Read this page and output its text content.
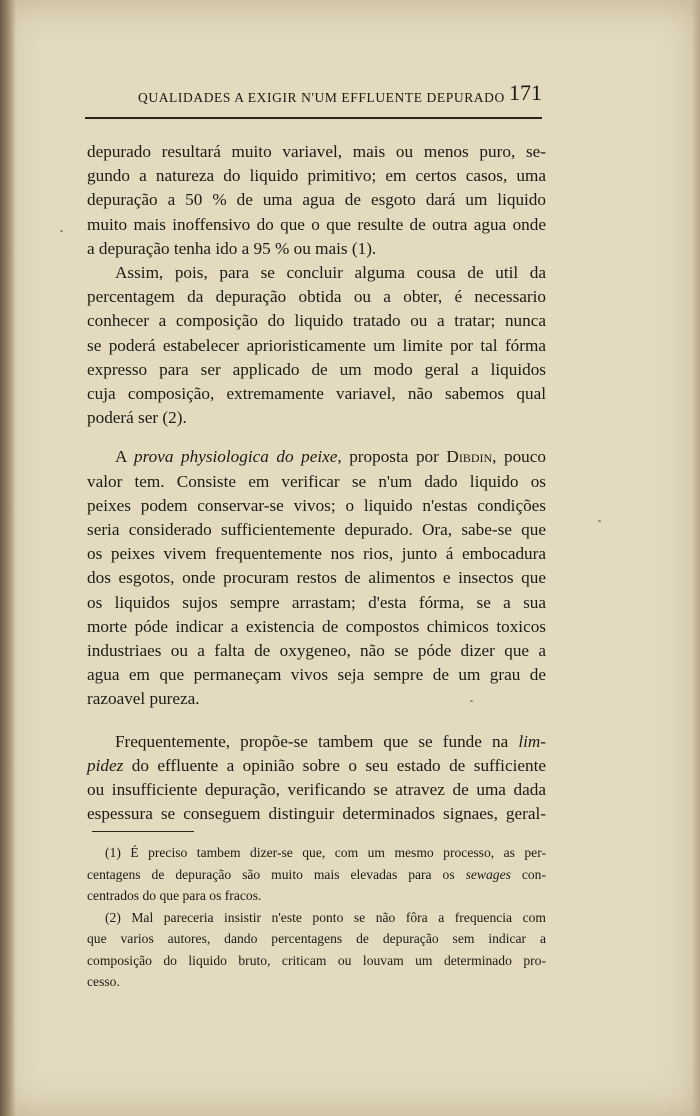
QUALIDADES A EXIGIR N'UM EFFLUENTE DEPURADO 171
depurado resultará muito variavel, mais ou menos puro, se-
gundo a natureza do liquido primitivo; em certos casos, uma
depuração a 50 % de uma agua de esgoto dará um liquido
muito mais inoffensivo do que o que resulte de outra agua onde
a depuração tenha ido a 95 % ou mais (1).
Assim, pois, para se concluir alguma cousa de util da
percentagem da depuração obtida ou a obter, é necessario
conhecer a composição do liquido tratado ou a tratar; nunca
se poderá estabelecer aprioristicamente um limite por tal fórma
expresso para ser applicado de um modo geral a liquidos
cuja composição, extremamente variavel, não sabemos qual
poderá ser (2).
A prova physiologica do peixe, proposta por Dibdin, pouco
valor tem. Consiste em verificar se n'um dado liquido os
peixes podem conservar-se vivos; o liquido n'estas condições
seria considerado sufficientemente depurado. Ora, sabe-se que
os peixes vivem frequentemente nos rios, junto á embocadura
dos esgotos, onde procuram restos de alimentos e insectos que
os liquidos sujos sempre arrastam; d'esta fórma, se a sua
morte póde indicar a existencia de compostos chimicos toxicos
industriaes ou a falta de oxygeneo, não se póde dizer que a
agua em que permaneçam vivos seja sempre de um grau de
razoavel pureza.
Frequentemente, propõe-se tambem que se funde na lim-
pidez do effluente a opinião sobre o seu estado de sufficiente
ou insufficiente depuração, verificando se atravez de uma dada
espessura se conseguem distinguir determinados signaes, geral-
(1) É preciso tambem dizer-se que, com um mesmo processo, as per-
centagens de depuração são muito mais elevadas para os sewages con-
centrados do que para os fracos.
(2) Mal pareceria insistir n'este ponto se não fôra a frequencia com
que varios autores, dando percentagens de depuração sem indicar a
composição do liquido bruto, criticam ou louvam um determinado pro-
cesso.
